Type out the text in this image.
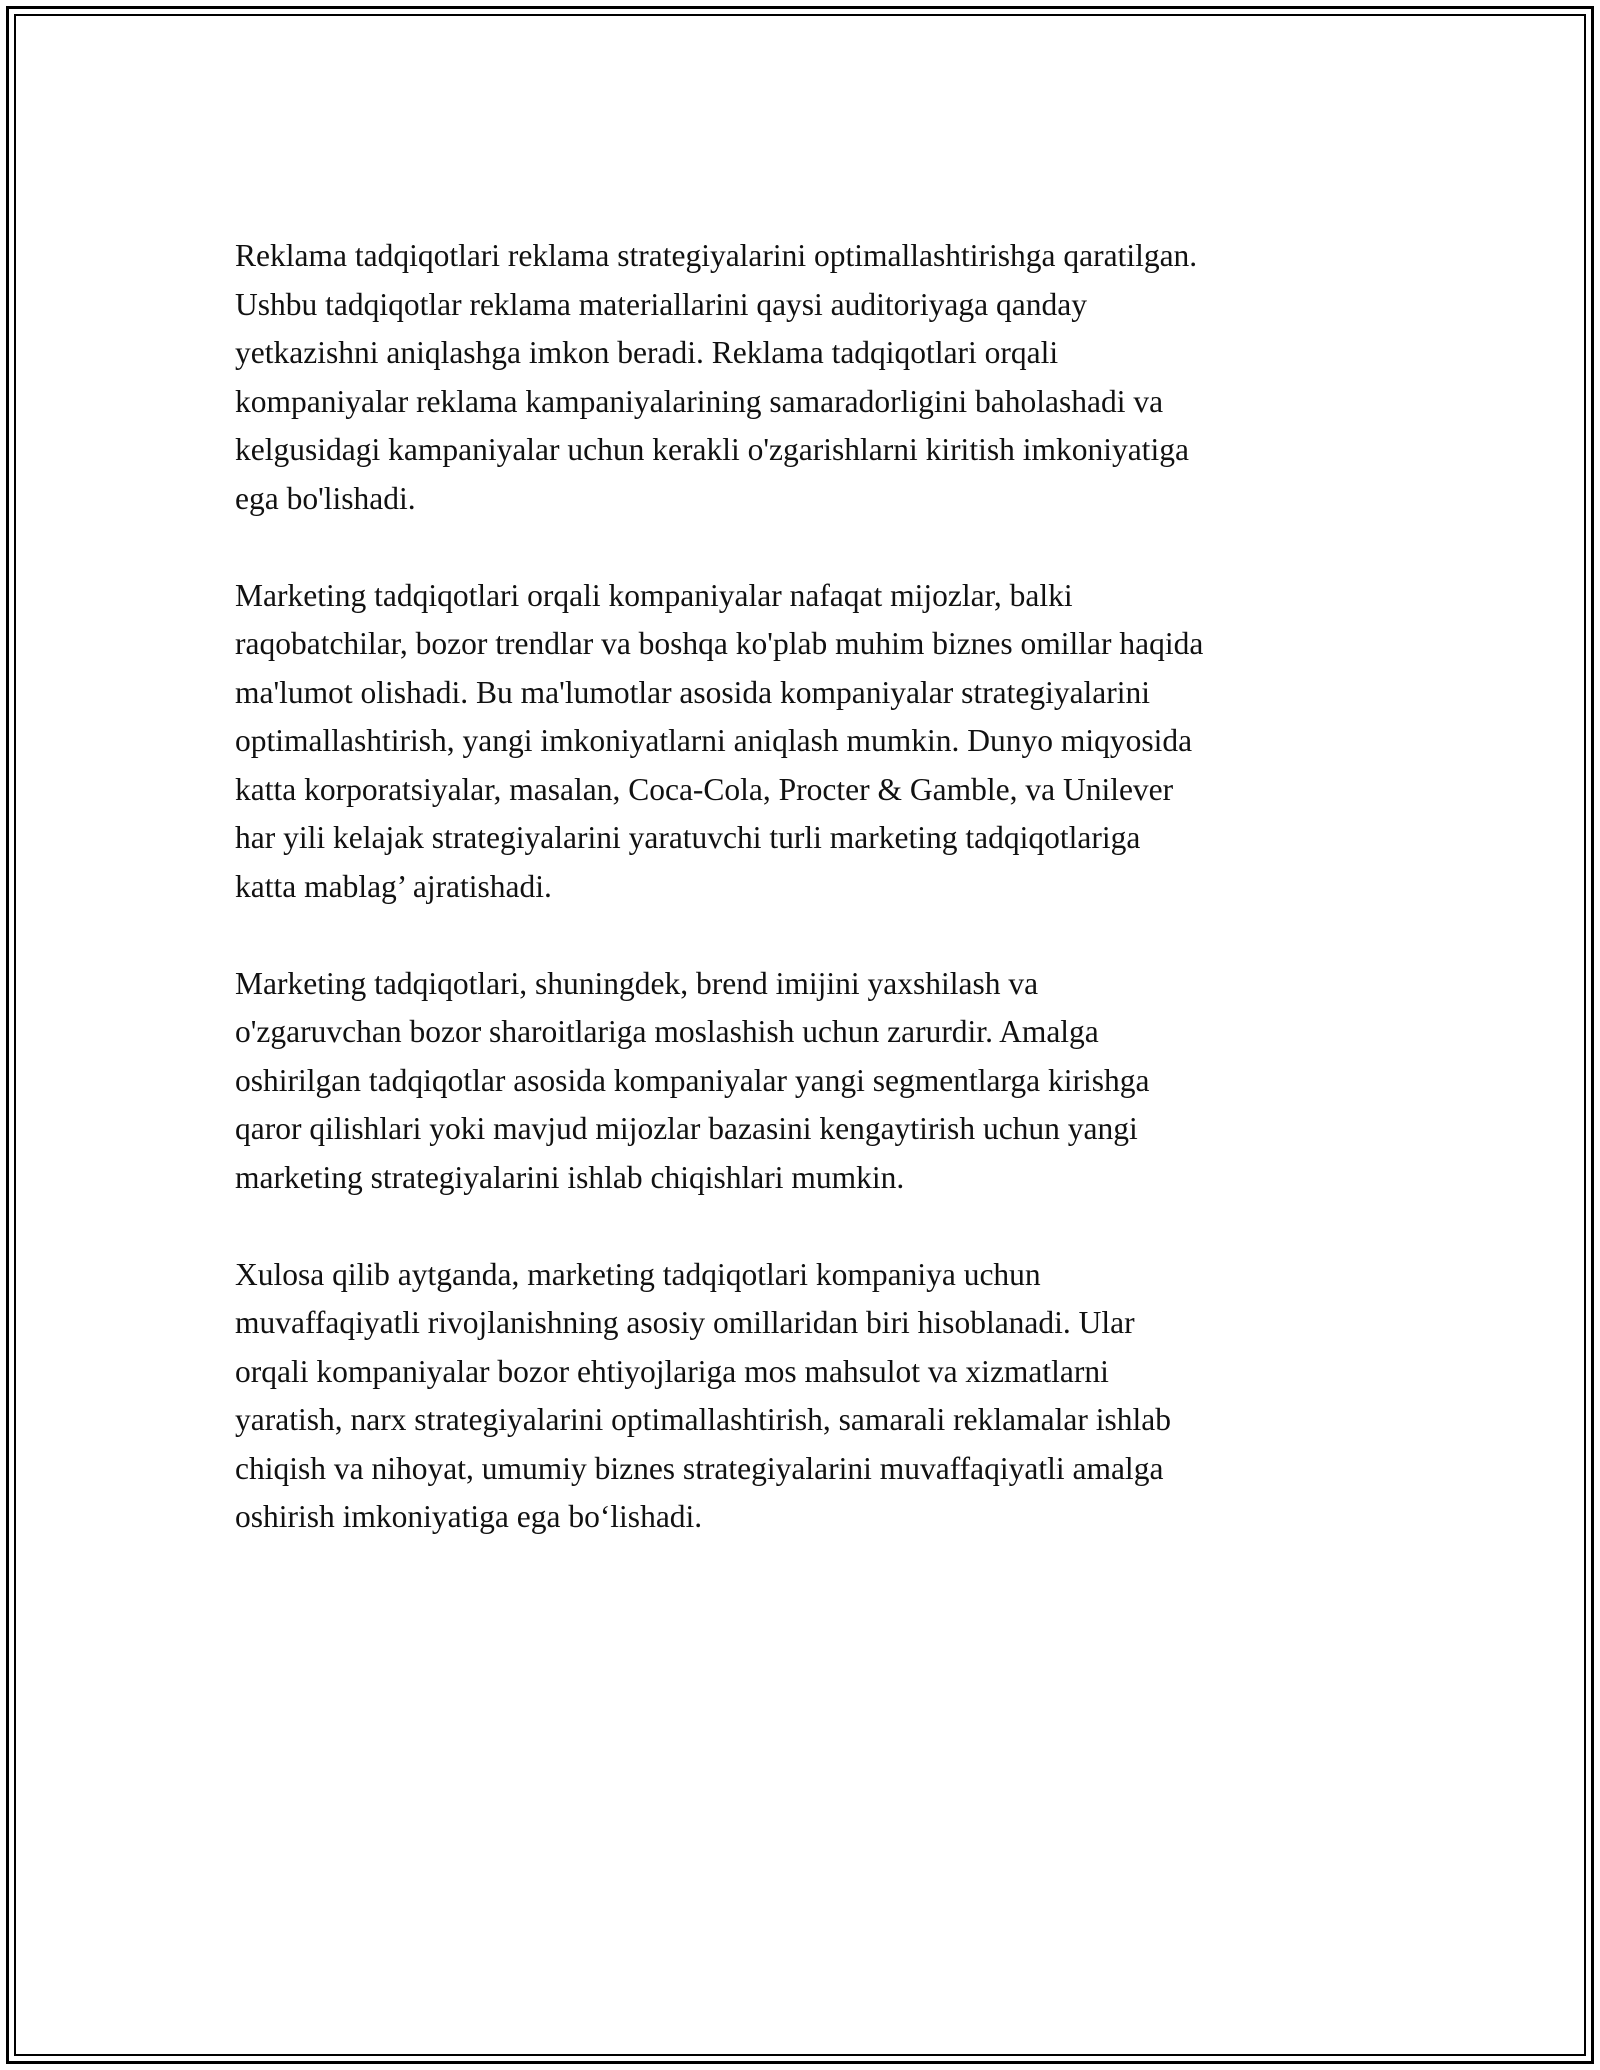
Reklama tadqiqotlari reklama strategiyalarini optimallashtirishga qaratilgan.
Ushbu tadqiqotlar reklama materiallarini qaysi auditoriyaga qanday
yetkazishni aniqlashga imkon beradi. Reklama tadqiqotlari orqali
kompaniyalar reklama kampaniyalarining samaradorligini baholashadi va
kelgusidagi kampaniyalar uchun kerakli o'zgarishlarni kiritish imkoniyatiga
ega bo'lishadi.

Marketing tadqiqotlari orqali kompaniyalar nafaqat mijozlar, balki
raqobatchilar, bozor trendlar va boshqa ko'plab muhim biznes omillar haqida
ma'lumot olishadi. Bu ma'lumotlar asosida kompaniyalar strategiyalarini
optimallashtirish, yangi imkoniyatlarni aniqlash mumkin. Dunyo miqyosida
katta korporatsiyalar, masalan, Coca-Cola, Procter & Gamble, va Unilever
har yili kelajak strategiyalarini yaratuvchi turli marketing tadqiqotlariga
katta mablag’ ajratishadi.

Marketing tadqiqotlari, shuningdek, brend imijini yaxshilash va
o'zgaruvchan bozor sharoitlariga moslashish uchun zarurdir. Amalga
oshirilgan tadqiqotlar asosida kompaniyalar yangi segmentlarga kirishga
qaror qilishlari yoki mavjud mijozlar bazasini kengaytirish uchun yangi
marketing strategiyalarini ishlab chiqishlari mumkin.

Xulosa qilib aytganda, marketing tadqiqotlari kompaniya uchun
muvaffaqiyatli rivojlanishning asosiy omillaridan biri hisoblanadi. Ular
orqali kompaniyalar bozor ehtiyojlariga mos mahsulot va xizmatlarni
yaratish, narx strategiyalarini optimallashtirish, samarali reklamalar ishlab
chiqish va nihoyat, umumiy biznes strategiyalarini muvaffaqiyatli amalga
oshirish imkoniyatiga ega bo‘lishadi.
